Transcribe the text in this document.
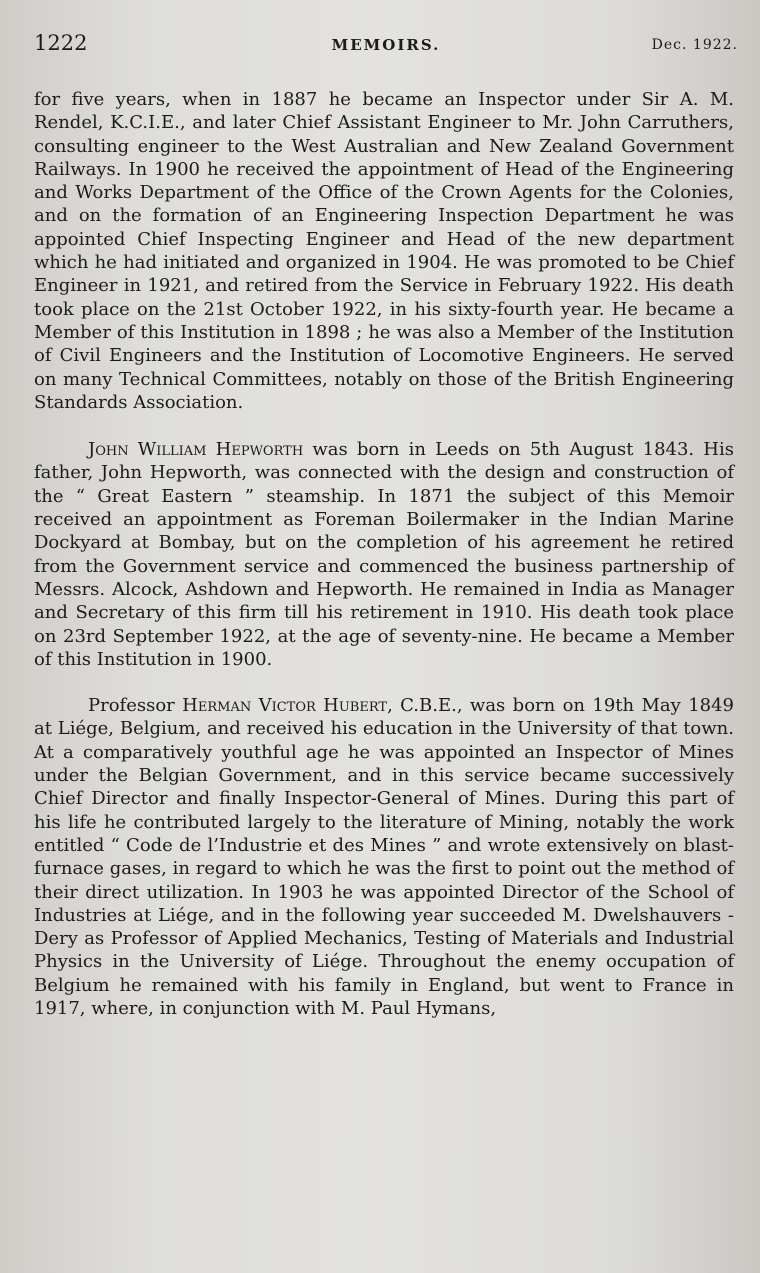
1222	MEMOIRS.	Dec. 1922.

for five years, when in 1887 he became an Inspector under Sir A. M. Rendel, K.C.I.E., and later Chief Assistant Engineer to Mr. John Carruthers, consulting engineer to the West Australian and New Zealand Government Railways. In 1900 he received the appointment of Head of the Engineering and Works Department of the Office of the Crown Agents for the Colonies, and on the formation of an Engineering Inspection Department he was appointed Chief Inspecting Engineer and Head of the new department which he had initiated and organized in 1904. He was promoted to be Chief Engineer in 1921, and retired from the Service in February 1922. His death took place on the 21st October 1922, in his sixty-fourth year. He became a Member of this Institution in 1898 ; he was also a Member of the Institution of Civil Engineers and the Institution of Locomotive Engineers. He served on many Technical Committees, notably on those of the British Engineering Standards Association.

John William Hepworth was born in Leeds on 5th August 1843. His father, John Hepworth, was connected with the design and construction of the “ Great Eastern ” steamship. In 1871 the subject of this Memoir received an appointment as Foreman Boilermaker in the Indian Marine Dockyard at Bombay, but on the completion of his agreement he retired from the Government service and commenced the business partnership of Messrs. Alcock, Ashdown and Hepworth. He remained in India as Manager and Secretary of this firm till his retirement in 1910. His death took place on 23rd September 1922, at the age of seventy-nine. He became a Member of this Institution in 1900.

Professor Herman Victor Hubert, C.B.E., was born on 19th May 1849 at Liége, Belgium, and received his education in the University of that town. At a comparatively youthful age he was appointed an Inspector of Mines under the Belgian Government, and in this service became successively Chief Director and finally Inspector-General of Mines. During this part of his life he contributed largely to the literature of Mining, notably the work entitled “ Code de l’Industrie et des Mines ” and wrote extensively on blast-furnace gases, in regard to which he was the first to point out the method of their direct utilization. In 1903 he was appointed Director of the School of Industries at Liége, and in the following year succeeded M. Dwelshauvers - Dery as Professor of Applied Mechanics, Testing of Materials and Industrial Physics in the University of Liége. Throughout the enemy occupation of Belgium he remained with his family in England, but went to France in 1917, where, in conjunction with M. Paul Hymans,
